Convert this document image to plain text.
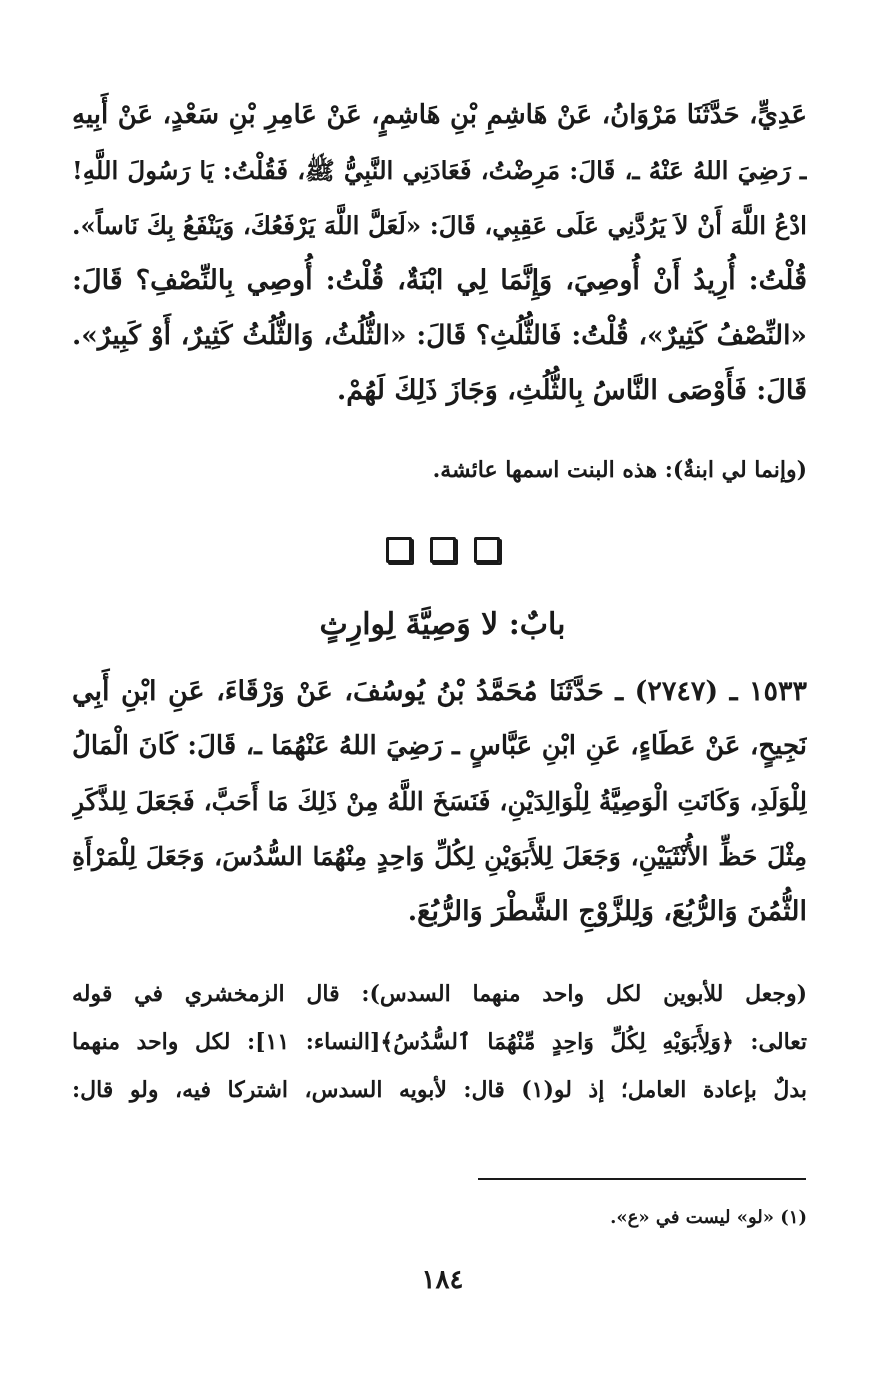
عَدِيٍّ، حَدَّثَنَا مَرْوَانُ، عَنْ هَاشِمِ بْنِ هَاشِمٍ، عَنْ عَامِرِ بْنِ سَعْدٍ، عَنْ أَبِيهِ
ـ رَضِيَ اللهُ عَنْهُ ـ، قَالَ: مَرِضْتُ، فَعَادَنِي النَّبِيُّ ﷺ، فَقُلْتُ: يَا رَسُولَ اللَّهِ!
ادْعُ اللَّهَ أَنْ لاَ يَرُدَّنِي عَلَى عَقِبِي، قَالَ: «لَعَلَّ اللَّهَ يَرْفَعُكَ، وَيَنْفَعُ بِكَ نَاساً».
قُلْتُ: أُرِيدُ أَنْ أُوصِيَ، وَإِنَّمَا لِي ابْنَةٌ، قُلْتُ: أُوصِي بِالنِّصْفِ؟ قَالَ:
«النِّصْفُ كَثِيرٌ»، قُلْتُ: فَالثُّلُثِ؟ قَالَ: «الثُّلُثُ، وَالثُّلُثُ كَثِيرٌ، أَوْ كَبِيرٌ».
قَالَ: فَأَوْصَى النَّاسُ بِالثُّلُثِ، وَجَازَ ذَلِكَ لَهُمْ.
(وإنما لي ابنةٌ): هذه البنت اسمها عائشة.
بابٌ: لا وَصِيَّةَ لِوارِثٍ
١٥٣٣ ـ (٢٧٤٧) ـ حَدَّثَنَا مُحَمَّدُ بْنُ يُوسُفَ، عَنْ وَرْقَاءَ، عَنِ ابْنِ أَبِي
نَجِيحٍ، عَنْ عَطَاءٍ، عَنِ ابْنِ عَبَّاسٍ ـ رَضِيَ اللهُ عَنْهُمَا ـ، قَالَ: كَانَ الْمَالُ
لِلْوَلَدِ، وَكَانَتِ الْوَصِيَّةُ لِلْوَالِدَيْنِ، فَنَسَخَ اللَّهُ مِنْ ذَلِكَ مَا أَحَبَّ، فَجَعَلَ لِلذَّكَرِ
مِثْلَ حَظِّ الأُنْثَيَيْنِ، وَجَعَلَ لِلأَبَوَيْنِ لِكُلِّ وَاحِدٍ مِنْهُمَا السُّدُسَ، وَجَعَلَ لِلْمَرْأَةِ
الثُّمُنَ وَالرُّبُعَ، وَلِلزَّوْجِ الشَّطْرَ وَالرُّبُعَ.
(وجعل للأبوين لكل واحد منهما السدس): قال الزمخشري في قوله
تعالى: ﴿وَلِأَبَوَيْهِ لِكُلِّ وَاحِدٍ مِّنْهُمَا ٱلسُّدُسُ﴾[النساء: ١١]: لكل واحد منهما
بدلٌ بإعادة العامل؛ إذ لو(١) قال: لأبويه السدس، اشتركا فيه، ولو قال:
(١) «لو» ليست في «ع».
١٨٤
